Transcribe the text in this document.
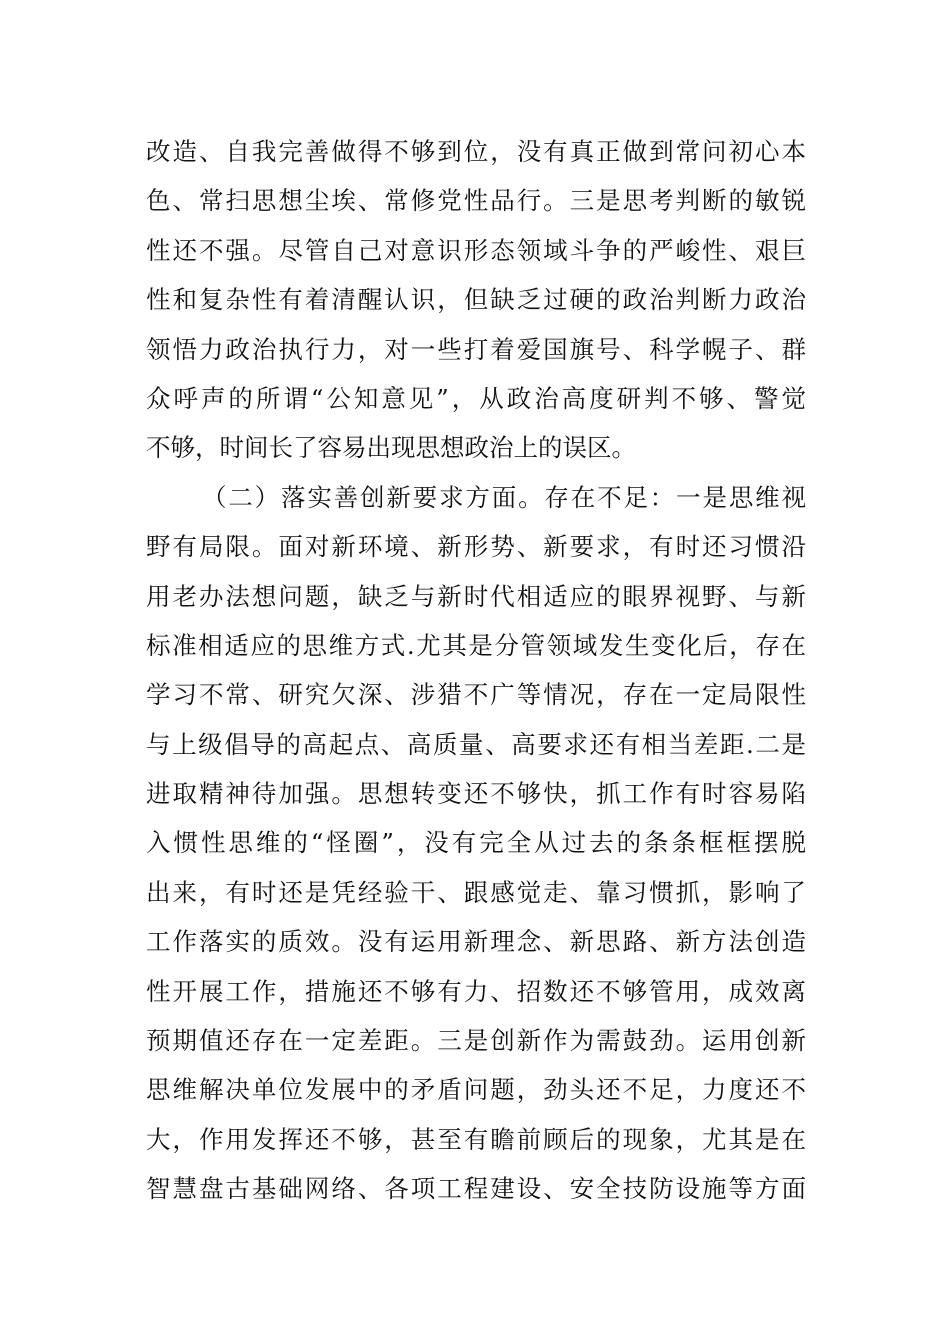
改造、自我完善做得不够到位，没有真正做到常问初心本
色、常扫思想尘埃、常修党性品行。三是思考判断的敏锐
性还不强。尽管自己对意识形态领域斗争的严峻性、艰巨
性和复杂性有着清醒认识，但缺乏过硬的政治判断力政治
领悟力政治执行力，对一些打着爱国旗号、科学幌子、群
众呼声的所谓“公知意见”，从政治高度研判不够、警觉
不够，时间长了容易出现思想政治上的误区。
（二）落实善创新要求方面。存在不足：一是思维视
野有局限。面对新环境、新形势、新要求，有时还习惯沿
用老办法想问题，缺乏与新时代相适应的眼界视野、与新
标准相适应的思维方式.尤其是分管领域发生变化后，存在
学习不常、研究欠深、涉猎不广等情况，存在一定局限性
与上级倡导的高起点、高质量、高要求还有相当差距.二是
进取精神待加强。思想转变还不够快，抓工作有时容易陷
入惯性思维的“怪圈”，没有完全从过去的条条框框摆脱
出来，有时还是凭经验干、跟感觉走、靠习惯抓，影响了
工作落实的质效。没有运用新理念、新思路、新方法创造
性开展工作，措施还不够有力、招数还不够管用，成效离
预期值还存在一定差距。三是创新作为需鼓劲。运用创新
思维解决单位发展中的矛盾问题，劲头还不足，力度还不
大，作用发挥还不够，甚至有瞻前顾后的现象，尤其是在
智慧盘古基础网络、各项工程建设、安全技防设施等方面
